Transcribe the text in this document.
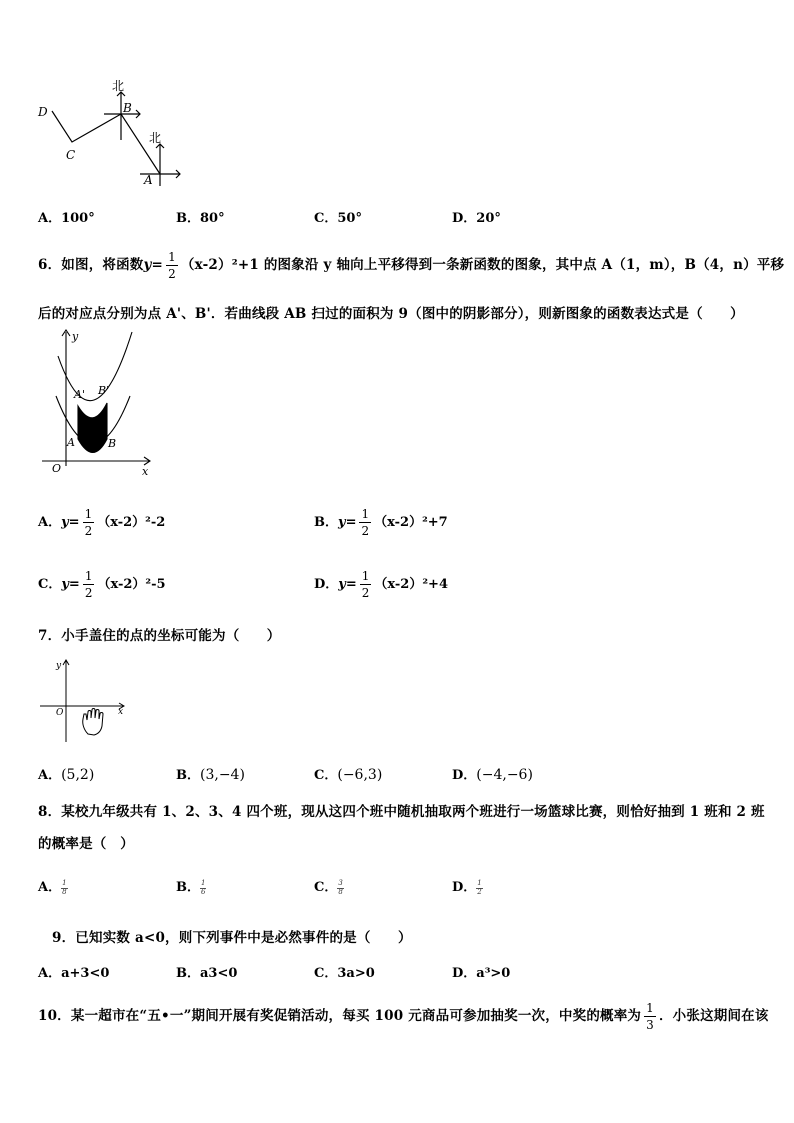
北
北
D
C
B
A
A．100°	B．80°	C．50°	D．20°
6．如图，将函数$y= \frac{1}{2} (x-2)^2+1$ 的图象沿 y 轴向上平移得到一条新函数的图象，其中点 A（1，m），B（4，n）平移
后的对应点分别为点 A'、B'．若曲线段 AB 扫过的面积为 9（图中的阴影部分），则新图象的函数表达式是（　　）
y
x
O
A	B
A' B'
A．$y= \frac{1}{2} (x-2)^2-2$	B．$y= \frac{1}{2} (x-2)^2+7$
C．$y= \frac{1}{2} (x-2)^2-5$	D．$y= \frac{1}{2} (x-2)^2+4$
7．小手盖住的点的坐标可能为（　　）
y
x
O
A．(5,2)	B．(3,−4)	C．(−6,3)	D．(−4,−6)
8．某校九年级共有 1、2、3、4 四个班，现从这四个班中随机抽取两个班进行一场篮球比赛，则恰好抽到 1 班和 2 班
的概率是（　）
A． $\frac{1}{8}$	B． $\frac{1}{6}$	C． $\frac{3}{8}$	D． $\frac{1}{2}$
9．已知实数 a<0，则下列事件中是必然事件的是（　　）
A．a+3<0	B．a3<0	C．3a>0	D．a³>0
10．某一超市在“五•一”期间开展有奖促销活动，每买 100 元商品可参加抽奖一次，中奖的概率为 $\frac{1}{3}$ ．小张这期间在该
